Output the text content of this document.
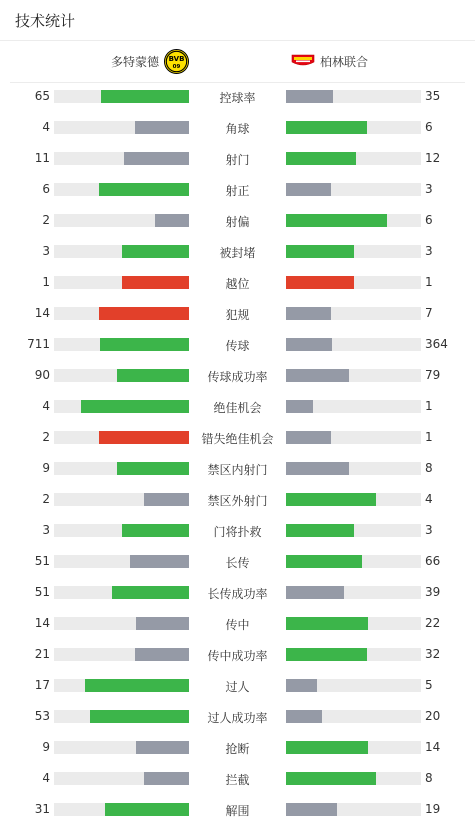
技术统计
多特蒙德 BVB
09	柏林联合
65	控球率	35
4	角球	6
11	射门	12
6	射正	3
2	射偏	6
3	被封堵	3
1	越位	1
14	犯规	7
711	传球	364
90	传球成功率	79
4	绝佳机会	1
2	错失绝佳机会	1
9	禁区内射门	8
2	禁区外射门	4
3	门将扑救	3
51	长传	66
51	长传成功率	39
14	传中	22
21	传中成功率	32
17	过人	5
53	过人成功率	20
9	抢断	14
4	拦截	8
31	解围	19
